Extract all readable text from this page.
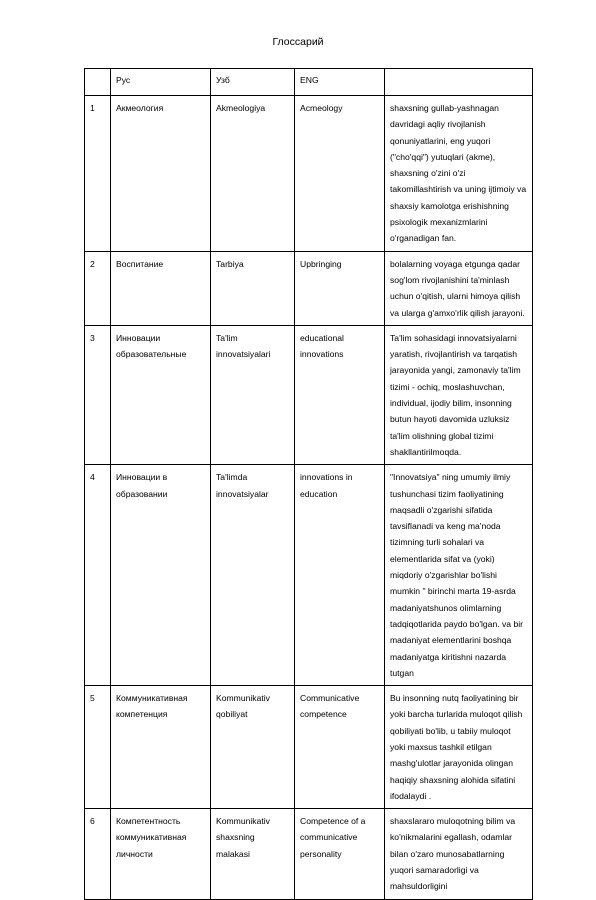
Глоссарий
	Рус	Узб	ENG	
1	Акмеология	Akmeologiya	Acmeology	shaxsning gullab-yashnagan davridagi aqliy rivojlanish qonuniyatlarini, eng yuqori ("cho'qqi") yutuqlari (akme), shaxsning o'zini o'zi takomillashtirish va uning ijtimoiy va shaxsiy kamolotga erishishning psixologik mexanizmlarini o'rganadigan fan.
2	Воспитание	Tarbiya	Upbringing	bolalarning voyaga etgunga qadar sog'lom rivojlanishini ta'minlash uchun o'qitish, ularni himoya qilish va ularga g'amxo'rlik qilish jarayoni.
3	Инновации образовательные	Ta'lim innovatsiyalari	educational innovations	Ta'lim sohasidagi innovatsiyalarni yaratish, rivojlantirish va tarqatish jarayonida yangi, zamonaviy ta'lim tizimi - ochiq, moslashuvchan, individual, ijodiy bilim, insonning butun hayoti davomida uzluksiz ta'lim olishning global tizimi shakllantirilmoqda.
4	Инновации в образовании	Ta'limda innovatsiyalar	innovations in education	"Innovatsiya" ning umumiy ilmiy tushunchasi tizim faoliyatining maqsadli o'zgarishi sifatida tavsiflanadi va keng ma'noda tizimning turli sohalari va elementlarida sifat va (yoki) miqdoriy o'zgarishlar bo'lishi mumkin " birinchi marta 19-asrda madaniyatshunos olimlarning tadqiqotlarida paydo bo'lgan. va bir madaniyat elementlarini boshqa madaniyatga kiritishni nazarda tutgan
5	Коммуникативная компетенция	Kommunikativ qobiliyat	Communicative competence	Bu insonning nutq faoliyatining bir yoki barcha turlarida muloqot qilish qobiliyati bo'lib, u tabiiy muloqot yoki maxsus tashkil etilgan mashg'ulotlar jarayonida olingan haqiqiy shaxsning alohida sifatini ifodalaydi .
6	Компетентность коммуникативная личности	Kommunikativ shaxsning malakasi	Competence of a communicative personality	shaxslararo muloqotning bilim va ko'nikmalarini egallash, odamlar bilan o'zaro munosabatlarning yuqori samaradorligi va mahsuldorligini
